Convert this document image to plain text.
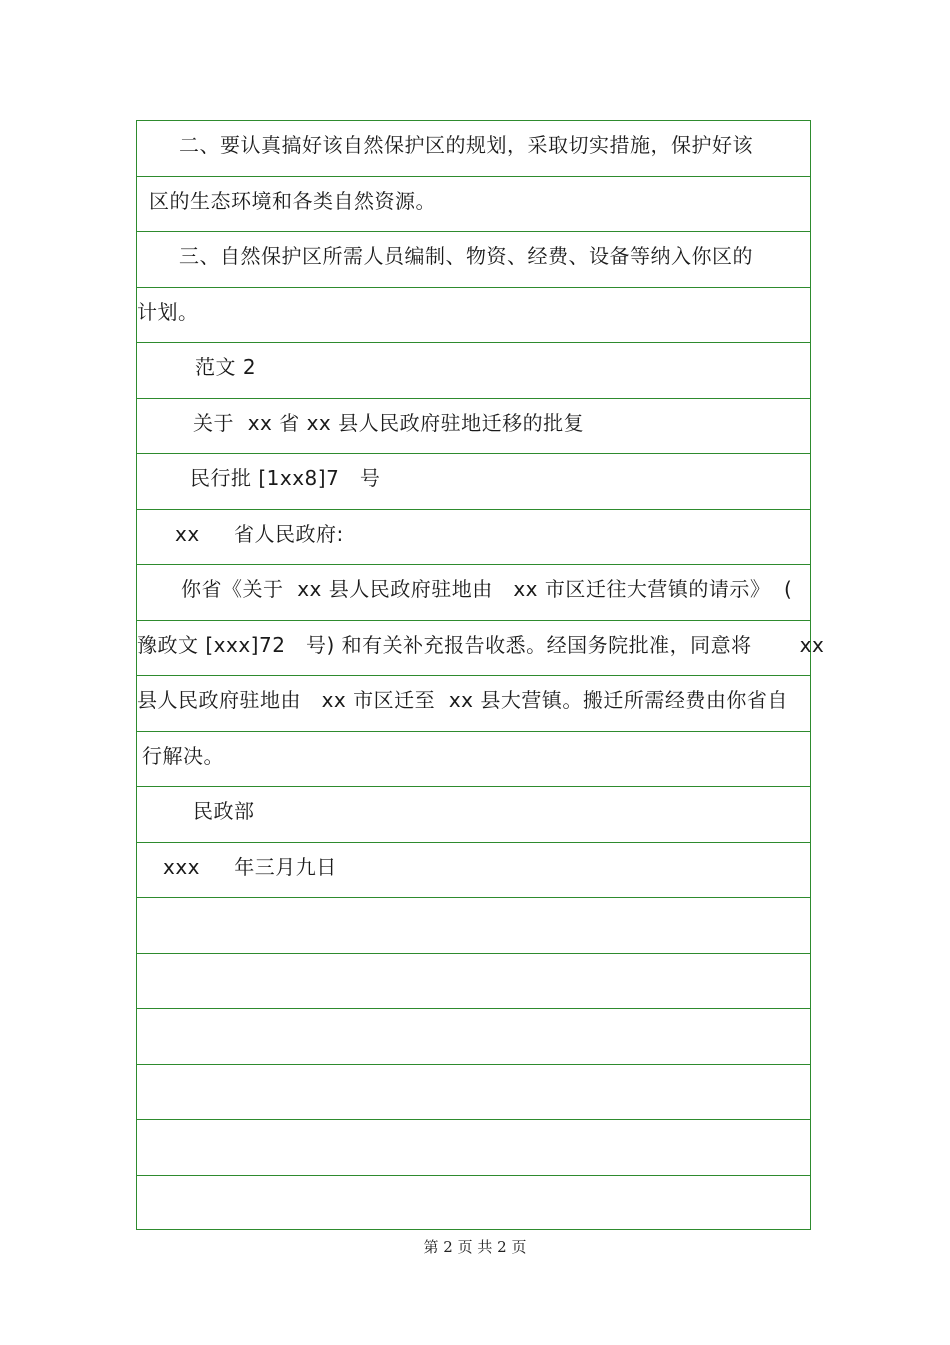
二、要认真搞好该自然保护区的规划，采取切实措施，保护好该
区的生态环境和各类自然资源。
三、自然保护区所需人员编制、物资、经费、设备等纳入你区的
计划。
范文 2
关于  xx 省 xx 县人民政府驻地迁移的批复
民行批 [1xx8]7   号
xx     省人民政府:
你省《关于  xx 县人民政府驻地由   xx 市区迁往大营镇的请示》  (
豫政文 [xxx]72   号) 和有关补充报告收悉。经国务院批准，同意将       xx
县人民政府驻地由   xx 市区迁至  xx 县大营镇。搬迁所需经费由你省自
行解决。
民政部
xxx     年三月九日
第 2 页 共 2 页
